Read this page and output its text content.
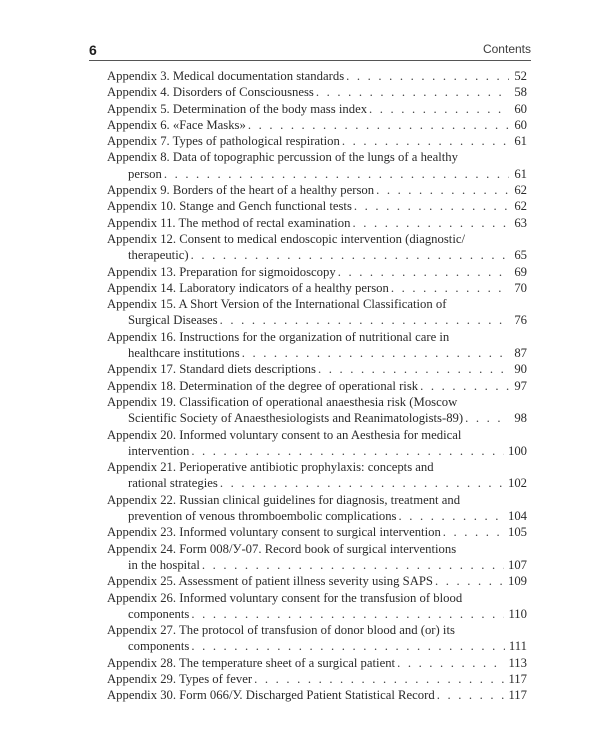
6	Contents
Appendix 3. Medical documentation standards . . .	52
Appendix 4. Disorders of Consciousness . . .	58
Appendix 5. Determination of the body mass index . . .	60
Appendix 6. «Face Masks» . . .	60
Appendix 7. Types of pathological respiration . . .	61
Appendix 8. Data of topographic percussion of the lungs of a healthy
person . . .	61
Appendix 9. Borders of the heart of a healthy person . . .	62
Appendix 10. Stange and Gench functional tests . . .	62
Appendix 11. The method of rectal examination . . .	63
Appendix 12. Consent to medical endoscopic intervention (diagnostic/
therapeutic) . . .	65
Appendix 13. Preparation for sigmoidoscopy . . .	69
Appendix 14. Laboratory indicators of a healthy person . . .	70
Appendix 15. A Short Version of the International Classification of
Surgical Diseases . . .	76
Appendix 16. Instructions for the organization of nutritional care in
healthcare institutions . . .	87
Appendix 17. Standard diets descriptions . . .	90
Appendix 18. Determination of the degree of operational risk . . .	97
Appendix 19. Classification of operational anaesthesia risk (Moscow
Scientific Society of Anaesthesiologists and Reanimatologists-89) . . .	98
Appendix 20. Informed voluntary consent to an Aesthesia for medical
intervention . . .	100
Appendix 21. Perioperative antibiotic prophylaxis: concepts and
rational strategies . . .	102
Appendix 22. Russian clinical guidelines for diagnosis, treatment and
prevention of venous thromboembolic complications . . .	104
Appendix 23. Informed voluntary consent to surgical intervention . . .	105
Appendix 24. Form 008/У-07. Record book of surgical interventions
in the hospital . . .	107
Appendix 25. Assessment of patient illness severity using SAPS . . .	109
Appendix 26. Informed voluntary consent for the transfusion of blood
components . . .	110
Appendix 27. The protocol of transfusion of donor blood and (or) its
components . . .	111
Appendix 28. The temperature sheet of a surgical patient . . .	113
Appendix 29. Types of fever . . .	117
Appendix 30. Form 066/У. Discharged Patient Statistical Record . . .	117
